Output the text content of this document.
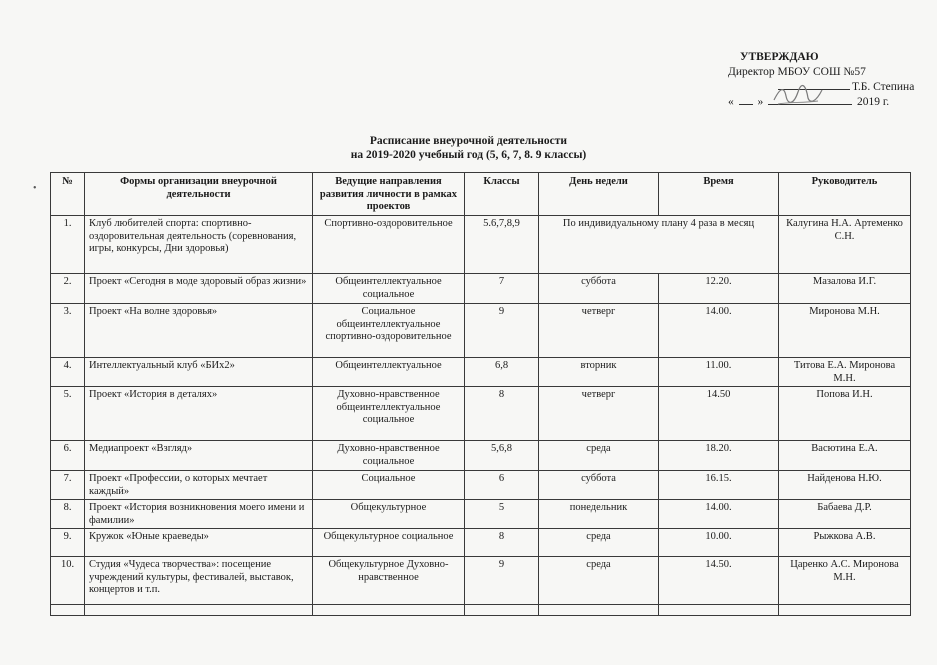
УТВЕРЖДАЮ
Директор МБОУ СОШ №57
Т.Б. Степина
« »	2019 г.
Расписание внеурочной деятельности
на 2019-2020 учебный год (5, 6, 7, 8. 9 классы)
•
№	Формы организации внеурочной деятельности	Ведущие направления развития личности в рамках проектов	Классы	День недели	Время	Руководитель
1.	Клуб любителей спорта: спортивно-оздоровительная деятельность (соревнования, игры, конкурсы, Дни здоровья)	Спортивно-оздоровительное	5.6,7,8,9	По индивидуальному плану 4 раза в месяц		Калугина Н.А. Артеменко С.Н.
2.	Проект «Сегодня в моде здоровый образ жизни»	Общеинтеллектуальное социальное	7	суббота	12.20.	Мазалова И.Г.
3.	Проект «На волне здоровья»	Социальное общеинтеллектуальное спортивно-оздоровительное	9	четверг	14.00.	Миронова М.Н.
4.	Интеллектуальный клуб «БИх2»	Общеинтеллектуальное	6,8	вторник	11.00.	Титова Е.А. Миронова М.Н.
5.	Проект «История в деталях»	Духовно-нравственное общеинтеллектуальное социальное	8	четверг	14.50	Попова И.Н.
6.	Медиапроект «Взгляд»	Духовно-нравственное социальное	5,6,8	среда	18.20.	Васютина Е.А.
7.	Проект «Профессии, о которых мечтает каждый»	Социальное	6	суббота	16.15.	Найденова Н.Ю.
8.	Проект «История возникновения моего имени и фамилии»	Общекультурное	5	понедельник	14.00.	Бабаева Д.Р.
9.	Кружок «Юные краеведы»	Общекультурное социальное	8	среда	10.00.	Рыжкова А.В.
10.	Студия «Чудеса творчества»: посещение учреждений культуры, фестивалей, выставок, концертов и т.п.	Общекультурное Духовно-нравственное	9	среда	14.50.	Царенко А.С. Миронова М.Н.
